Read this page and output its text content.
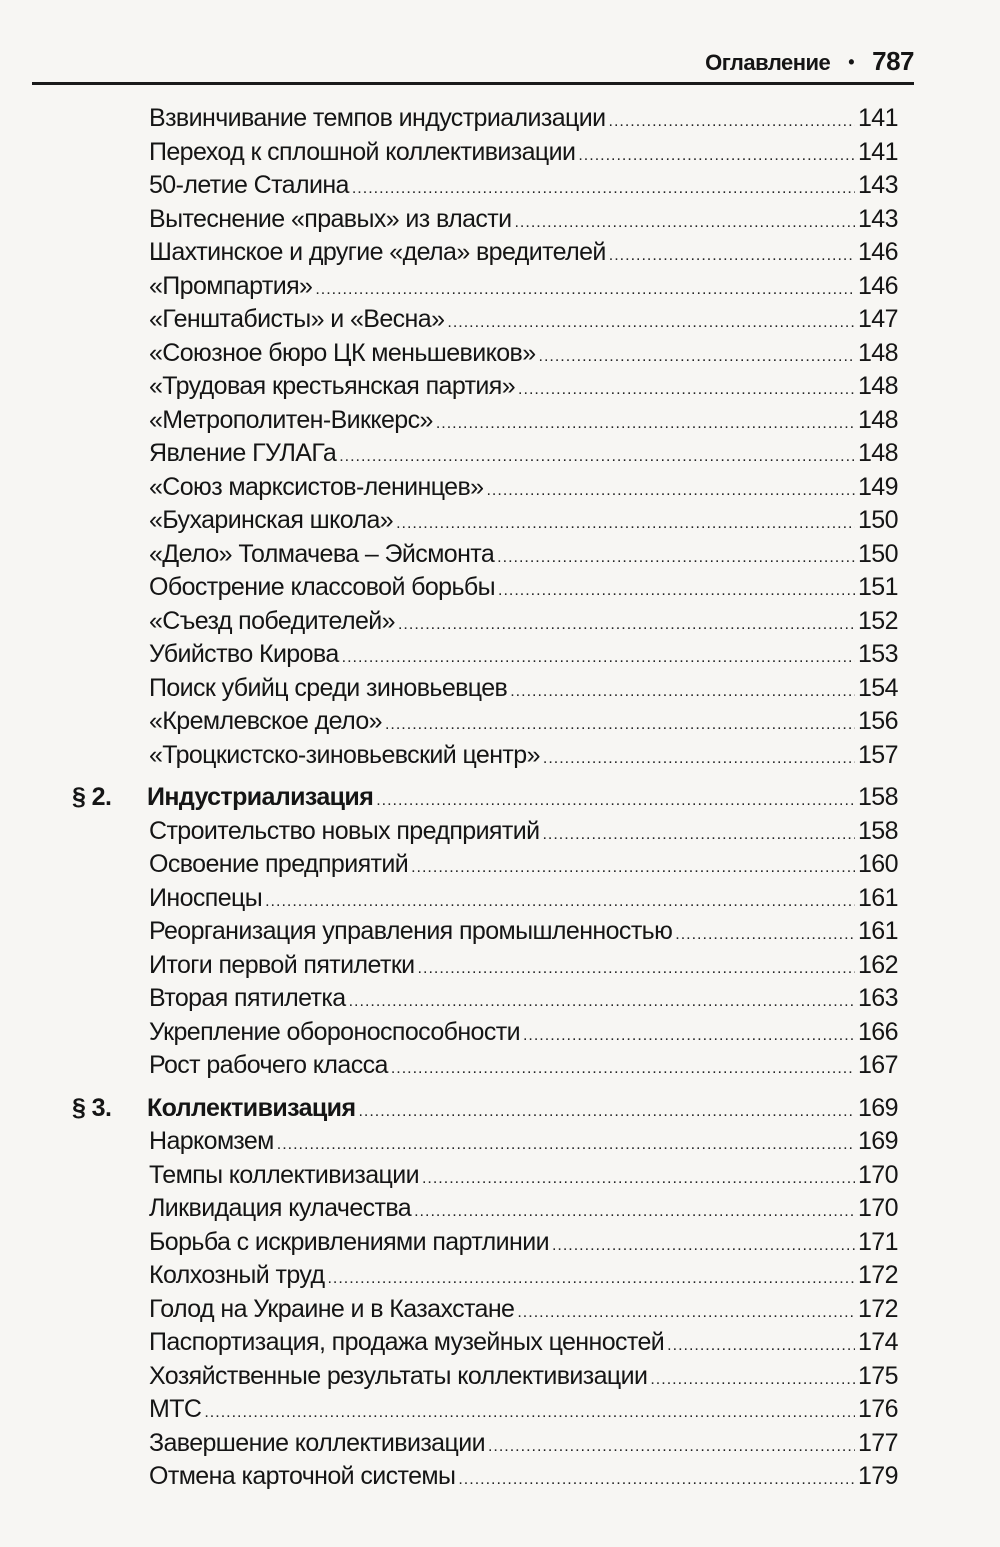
Оглавление • 787
Взвинчивание темпов индустриализации .....	141
Переход к сплошной коллективизации .....	141
50-летие Сталина .....	143
Вытеснение «правых» из власти .....	143
Шахтинское и другие «дела» вредителей .....	146
«Промпартия» .....	146
«Генштабисты» и «Весна» .....	147
«Союзное бюро ЦК меньшевиков» .....	148
«Трудовая крестьянская партия» .....	148
«Метрополитен-Виккерс» .....	148
Явление ГУЛАГа .....	148
«Союз марксистов-ленинцев» .....	149
«Бухаринская школа» .....	150
«Дело» Толмачева – Эйсмонта .....	150
Обострение классовой борьбы .....	151
«Съезд победителей» .....	152
Убийство Кирова .....	153
Поиск убийц среди зиновьевцев .....	154
«Кремлевское дело» .....	156
«Троцкистско-зиновьевский центр» .....	157
§ 2.	Индустриализация .....	158
Строительство новых предприятий .....	158
Освоение предприятий .....	160
Иноспецы .....	161
Реорганизация управления промышленностью .....	161
Итоги первой пятилетки .....	162
Вторая пятилетка .....	163
Укрепление обороноспособности .....	166
Рост рабочего класса .....	167
§ 3.	Коллективизация .....	169
Наркомзем .....	169
Темпы коллективизации .....	170
Ликвидация кулачества .....	170
Борьба с искривлениями партлинии .....	171
Колхозный труд .....	172
Голод на Украине и в Казахстане .....	172
Паспортизация, продажа музейных ценностей .....	174
Хозяйственные результаты коллективизации .....	175
МТС .....	176
Завершение коллективизации .....	177
Отмена карточной системы .....	179
